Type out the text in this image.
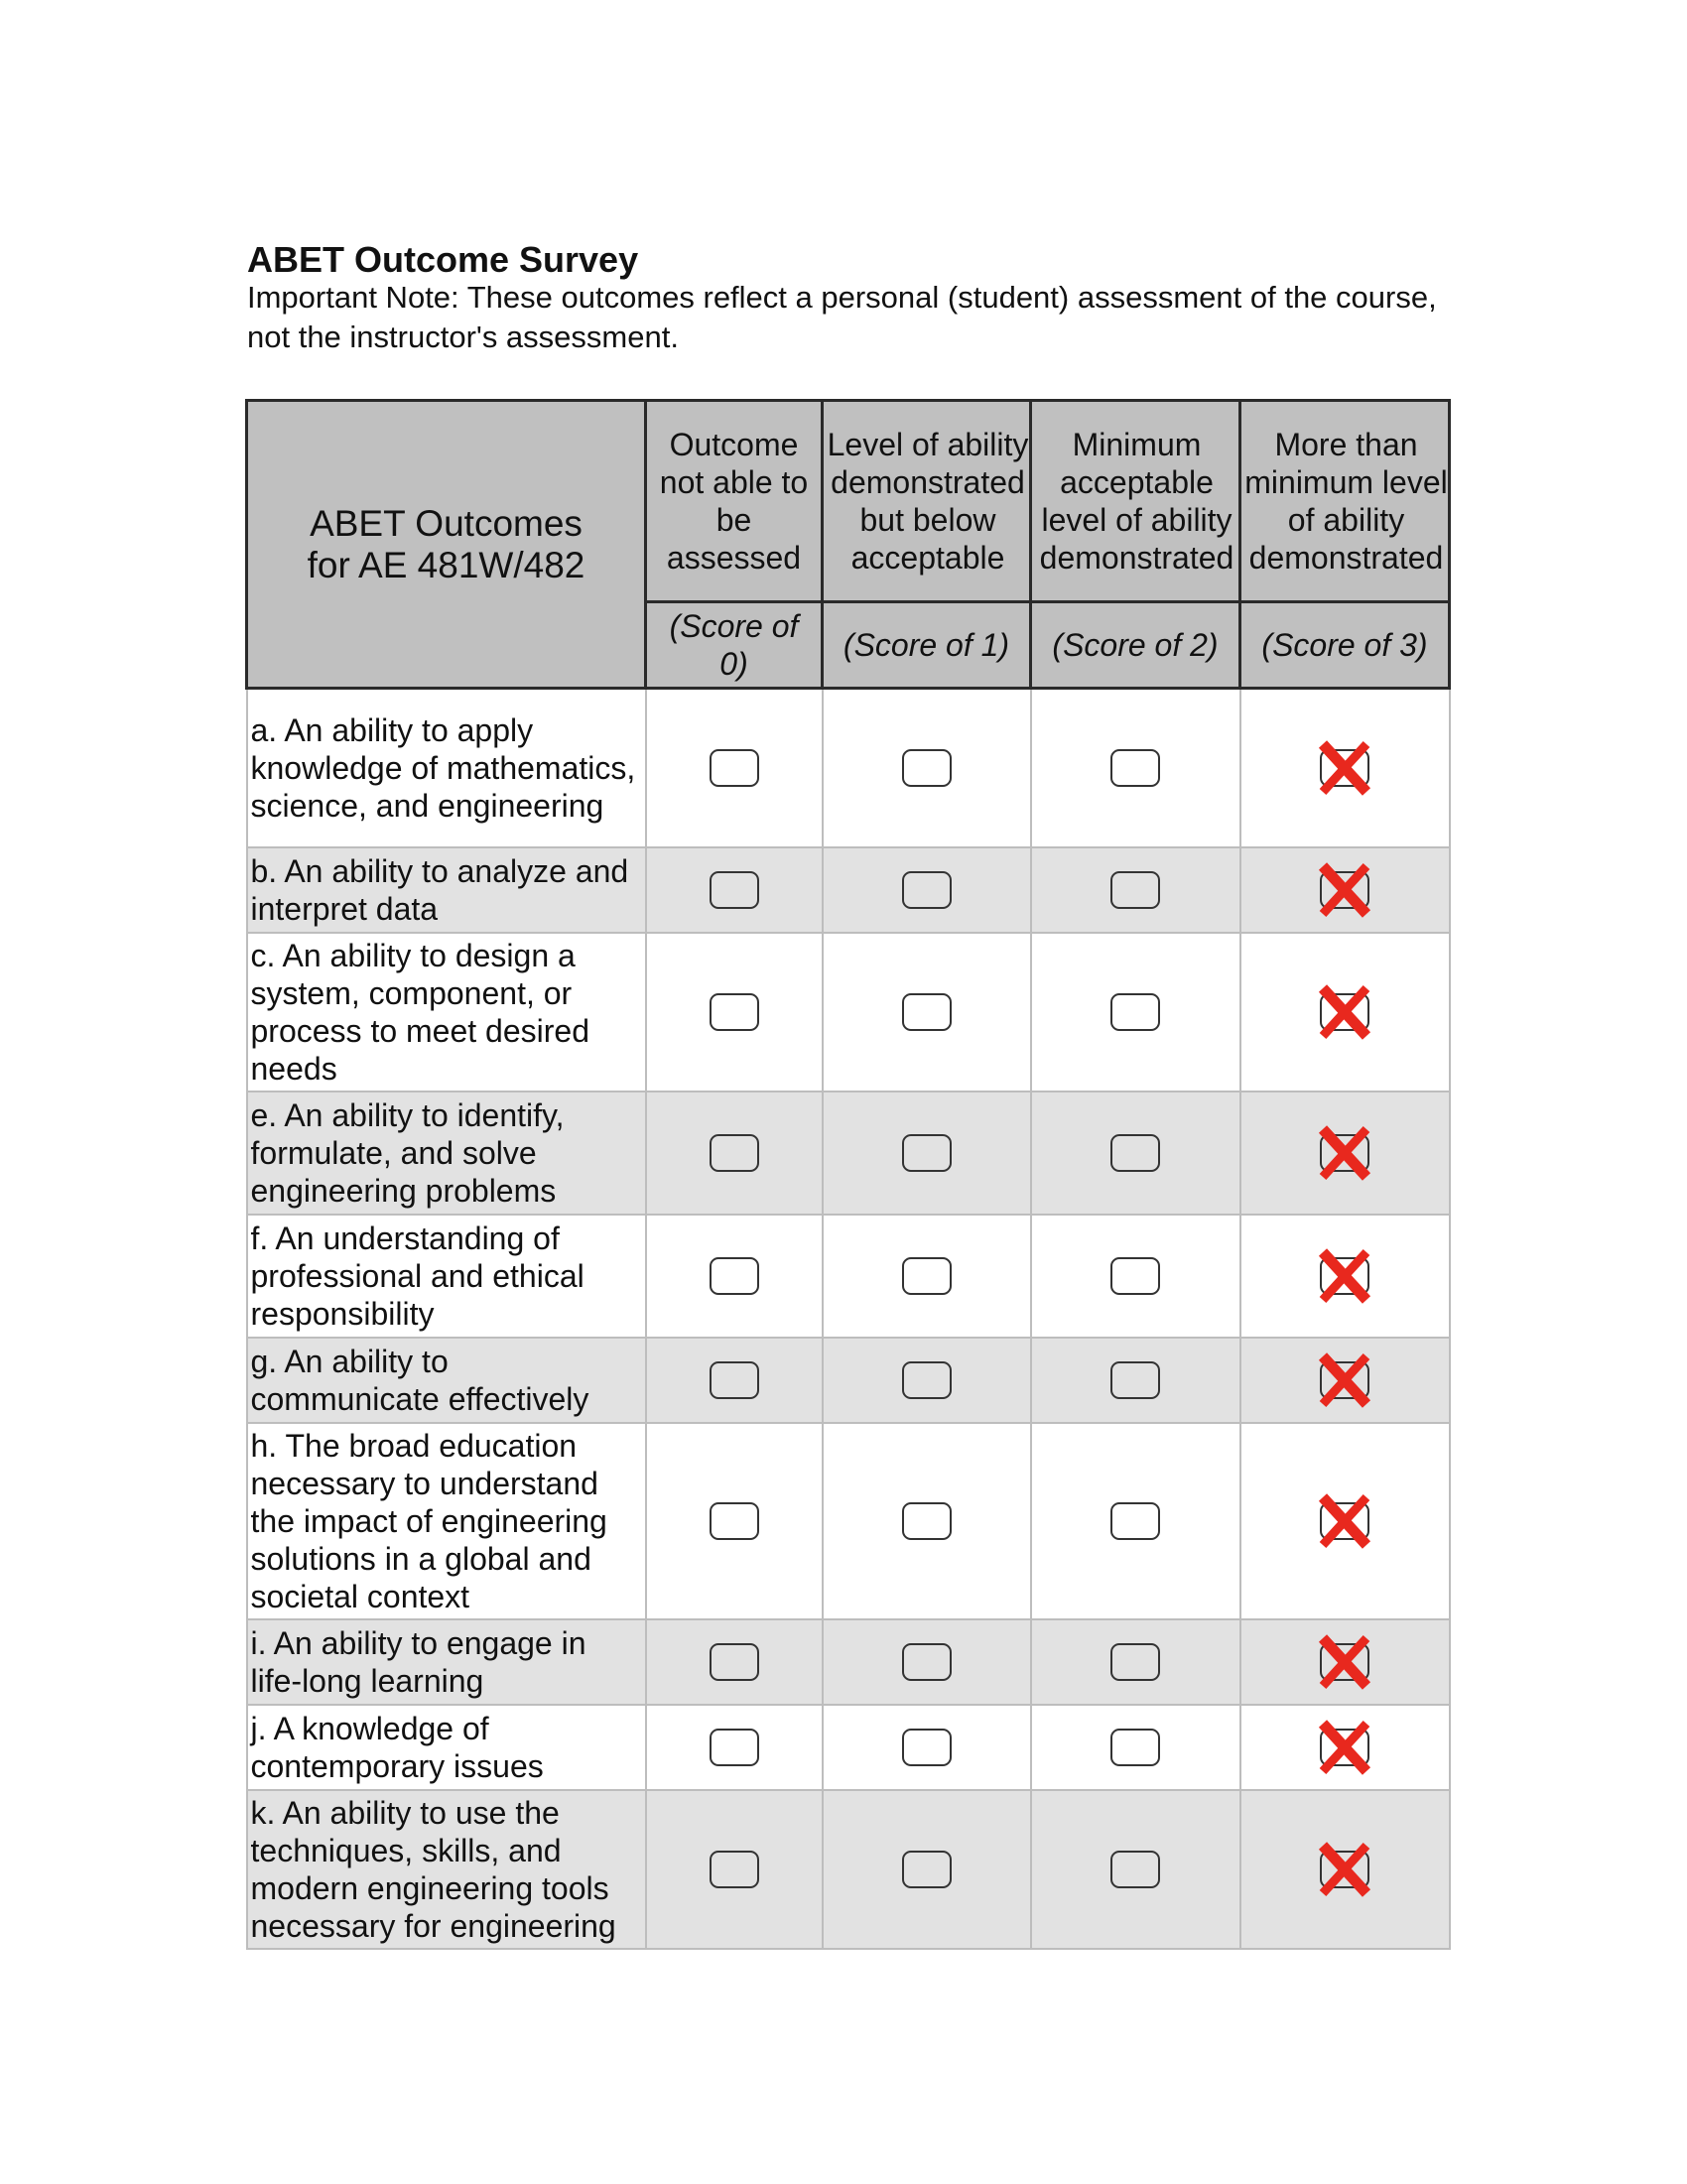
ABET Outcome Survey

Important Note: These outcomes reflect a personal (student) assessment of the course, not the instructor's assessment.

ABET Outcomes for AE 481W/482	Outcome not able to be assessed	Level of ability demonstrated but below acceptable	Minimum acceptable level of ability demonstrated	More than minimum level of ability demonstrated

	(Score of 0)	(Score of 1)	(Score of 2)	(Score of 3)
a. An ability to apply knowledge of mathematics, science, and engineering				

b. An ability to analyze and interpret data				

c. An ability to design a system, component, or process to meet desired needs				

e. An ability to identify, formulate, and solve engineering problems				

f. An understanding of professional and ethical responsibility				

g. An ability to communicate effectively				

h. The broad education necessary to understand the impact of engineering solutions in a global and societal context				

i. An ability to engage in life-long learning				

j. A knowledge of contemporary issues				

k. An ability to use the techniques, skills, and modern engineering tools necessary for engineering				
